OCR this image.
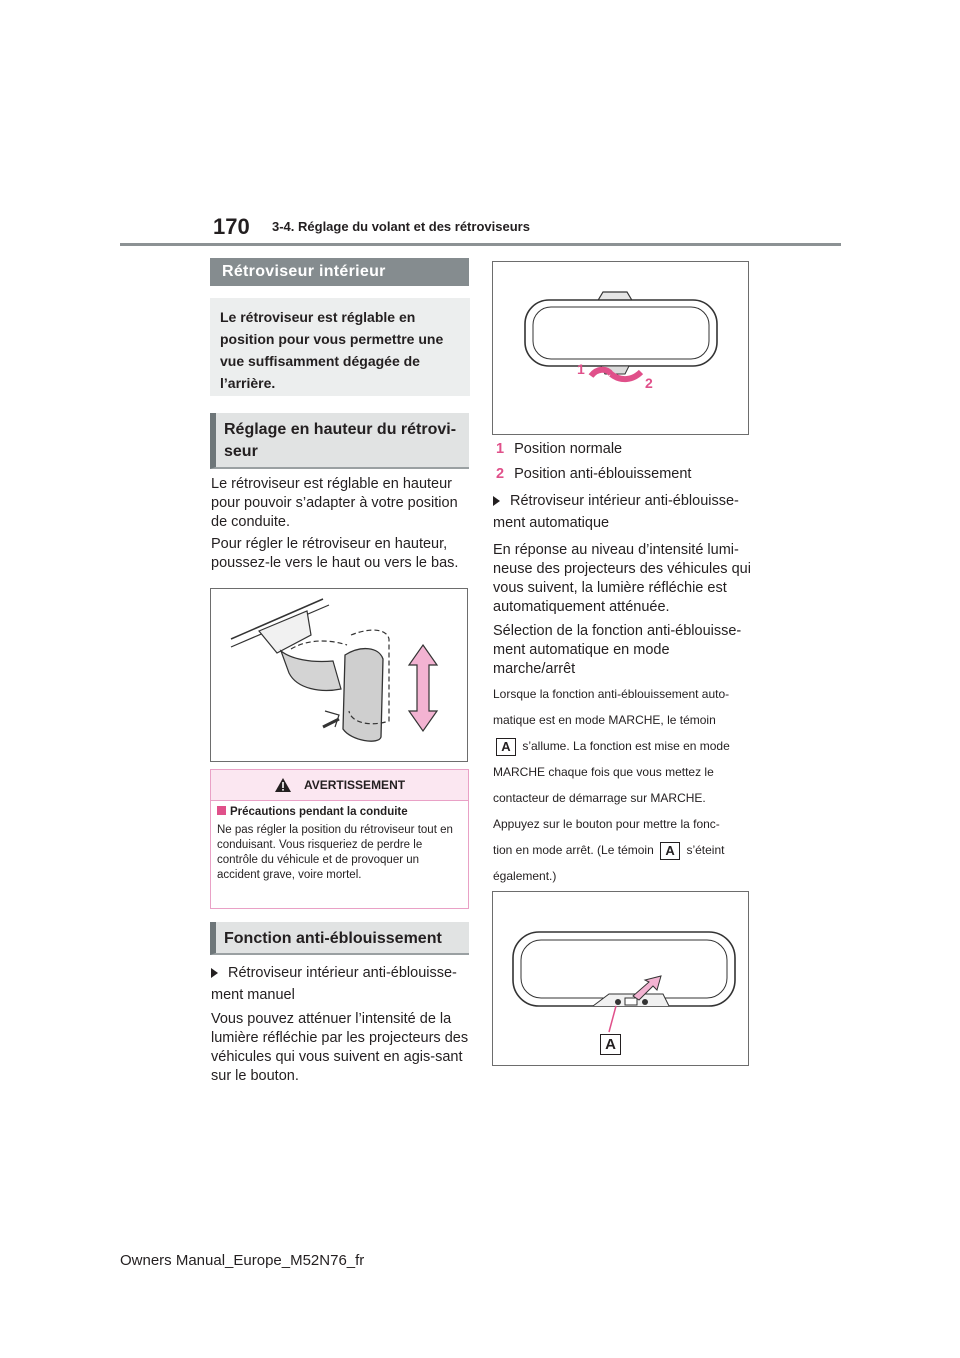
170 3-4. Réglage du volant et des rétroviseurs
Rétroviseur intérieur
Le rétroviseur est réglable en position pour vous permettre une vue suffisamment dégagée de l’arrière.
Réglage en hauteur du rétrovi-seur
Le rétroviseur est réglable en hauteur pour pouvoir s’adapter à votre position de conduite.
Pour régler le rétroviseur en hauteur, poussez-le vers le haut ou vers le bas.
AVERTISSEMENT
Précautions pendant la conduite
Ne pas régler la position du rétroviseur tout en conduisant. Vous risqueriez de perdre le contrôle du véhicule et de provoquer un accident grave, voire mortel.
Fonction anti-éblouissement
Rétroviseur intérieur anti-éblouisse-ment manuel
Vous pouvez atténuer l’intensité de la lumière réfléchie par les projecteurs des véhicules qui vous suivent en agis-sant sur le bouton.
1
2
1 Position normale
2 Position anti-éblouissement
Rétroviseur intérieur anti-éblouisse-ment automatique
En réponse au niveau d’intensité lumi-neuse des projecteurs des véhicules qui vous suivent, la lumière réfléchie est automatiquement atténuée.
Sélection de la fonction anti-éblouisse-ment automatique en mode marche/arrêt
Lorsque la fonction anti-éblouissement auto-
matique est en mode MARCHE, le témoin
A s’allume. La fonction est mise en mode
MARCHE chaque fois que vous mettez le
contacteur de démarrage sur MARCHE.
Appuyez sur le bouton pour mettre la fonc-
tion en mode arrêt. (Le témoin A s’éteint
également.)
A
Owners Manual_Europe_M52N76_fr
